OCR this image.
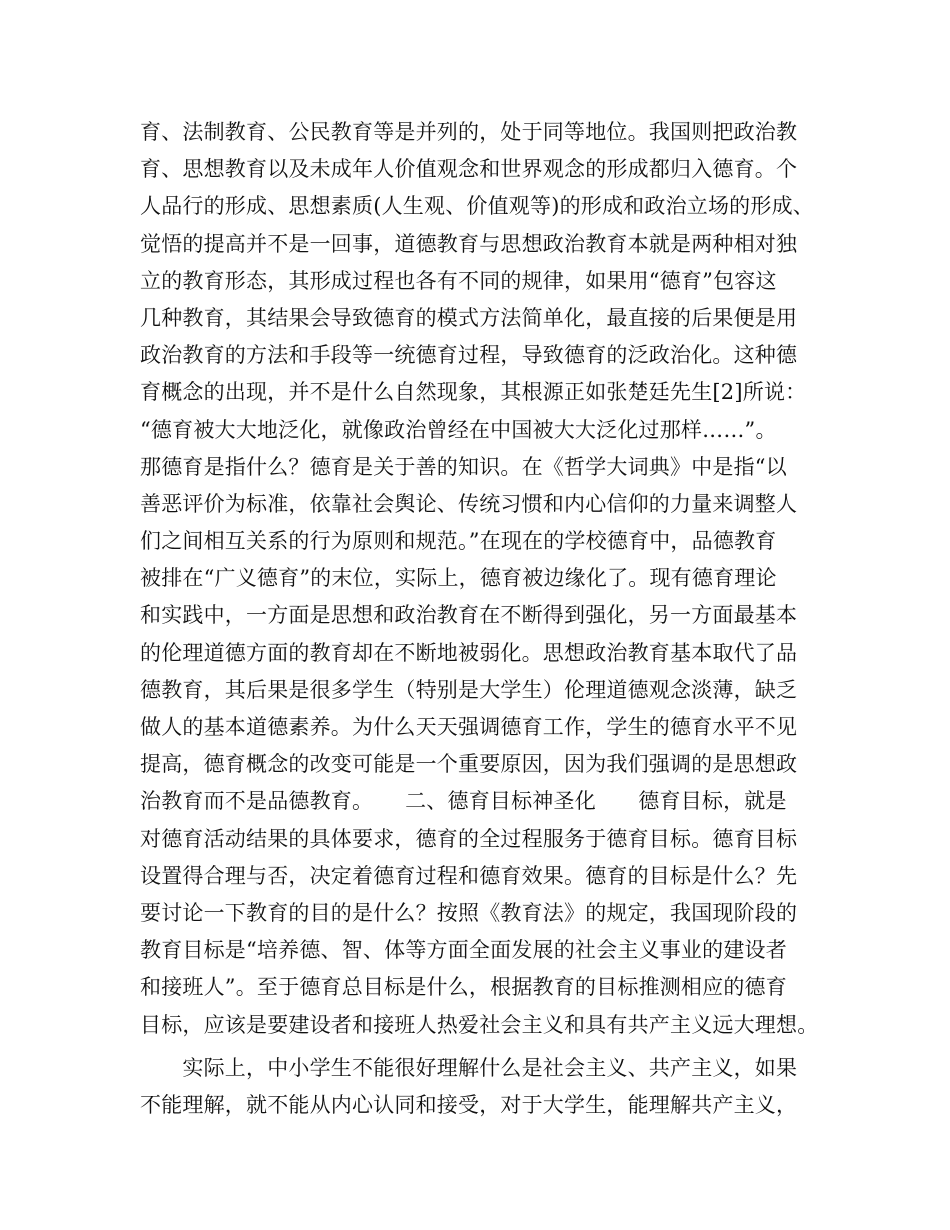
育、法制教育、公民教育等是并列的，处于同等地位。我国则把政治教
育、思想教育以及未成年人价值观念和世界观念的形成都归入德育。个
人品行的形成、思想素质(人生观、价值观等)的形成和政治立场的形成、
觉悟的提高并不是一回事，道德教育与思想政治教育本就是两种相对独
立的教育形态，其形成过程也各有不同的规律，如果用“德育”包容这
几种教育，其结果会导致德育的模式方法简单化，最直接的后果便是用
政治教育的方法和手段等一统德育过程，导致德育的泛政治化。这种德
育概念的出现，并不是什么自然现象，其根源正如张楚廷先生[2]所说：
“德育被大大地泛化，就像政治曾经在中国被大大泛化过那样……”。
那德育是指什么？德育是关于善的知识。在《哲学大词典》中是指“以
善恶评价为标准，依靠社会舆论、传统习惯和内心信仰的力量来调整人
们之间相互关系的行为原则和规范。”在现在的学校德育中，品德教育
被排在“广义德育”的末位，实际上，德育被边缘化了。现有德育理论
和实践中，一方面是思想和政治教育在不断得到强化，另一方面最基本
的伦理道德方面的教育却在不断地被弱化。思想政治教育基本取代了品
德教育，其后果是很多学生（特别是大学生）伦理道德观念淡薄，缺乏
做人的基本道德素养。为什么天天强调德育工作，学生的德育水平不见
提高，德育概念的改变可能是一个重要原因，因为我们强调的是思想政
治教育而不是品德教育。　　二、德育目标神圣化　　德育目标，就是
对德育活动结果的具体要求，德育的全过程服务于德育目标。德育目标
设置得合理与否，决定着德育过程和德育效果。德育的目标是什么？先
要讨论一下教育的目的是什么？按照《教育法》的规定，我国现阶段的
教育目标是“培养德、智、体等方面全面发展的社会主义事业的建设者
和接班人”。至于德育总目标是什么，根据教育的目标推测相应的德育
目标，应该是要建设者和接班人热爱社会主义和具有共产主义远大理想。
　　实际上，中小学生不能很好理解什么是社会主义、共产主义，如果
不能理解，就不能从内心认同和接受，对于大学生，能理解共产主义，
